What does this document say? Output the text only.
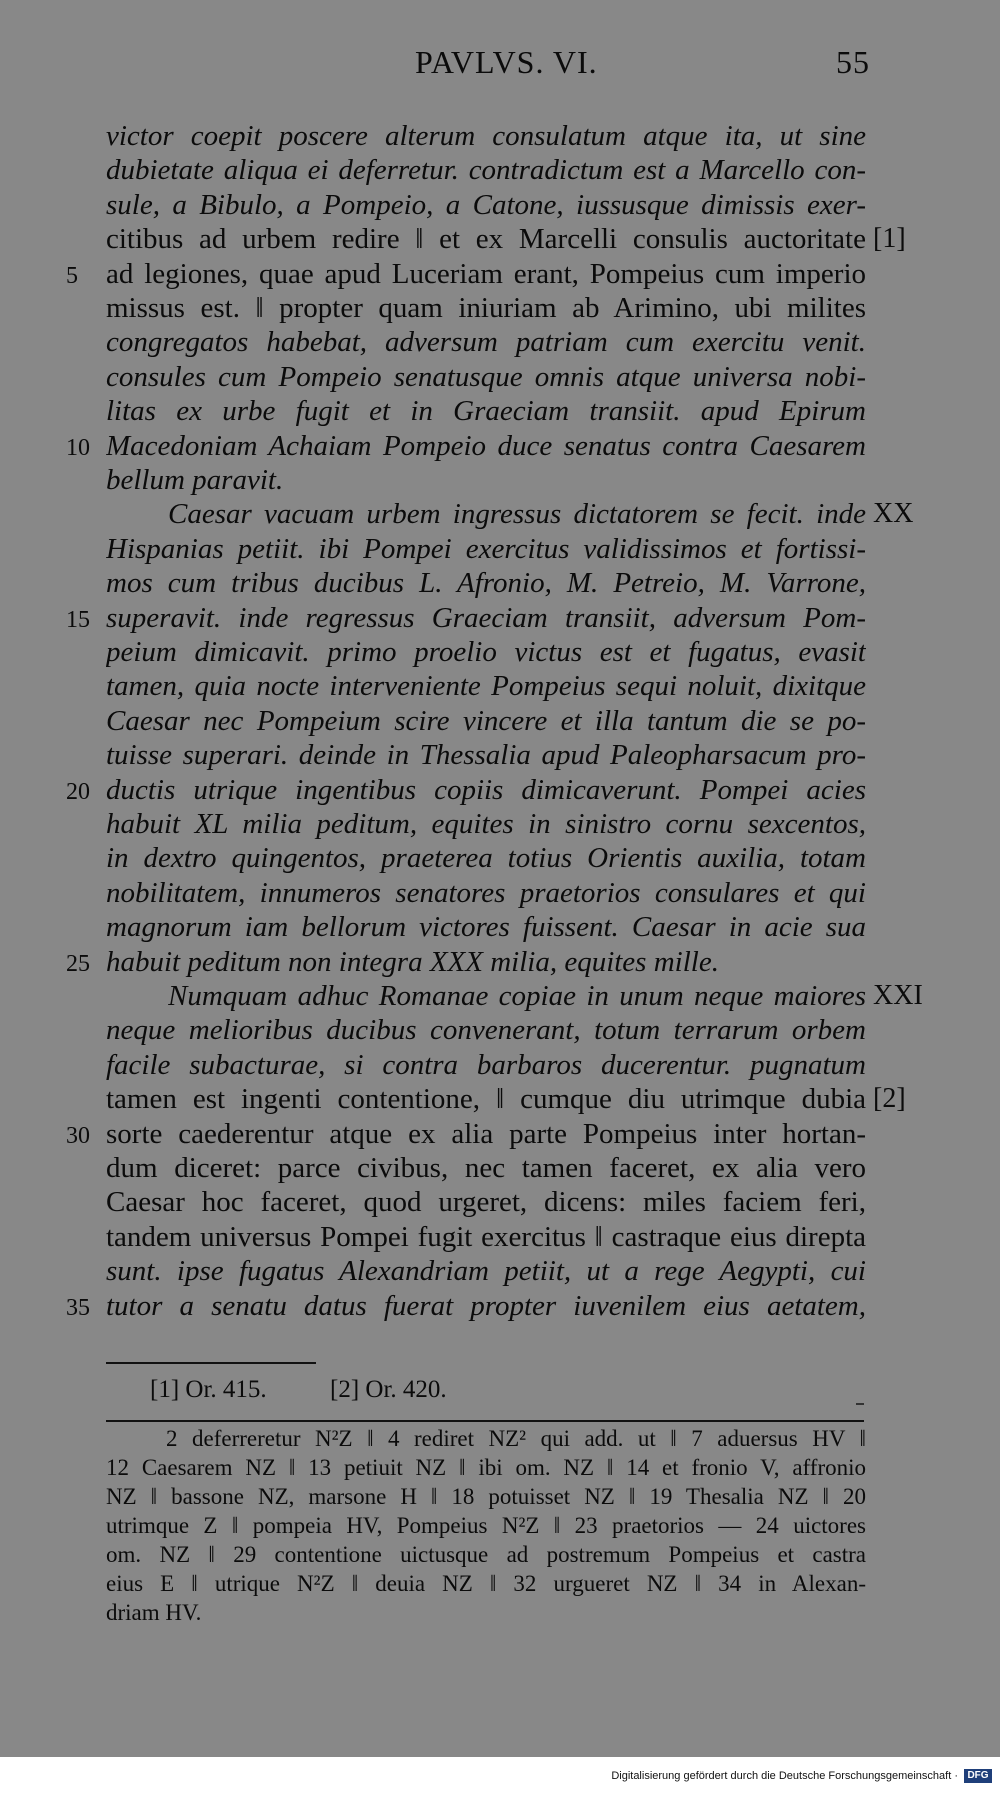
PAVLVS. VI.	55
victor coepit poscere alterum consulatum atque ita, ut sine
dubietate aliqua ei deferretur. contradictum est a Marcello con-
sule, a Bibulo, a Pompeio, a Catone, iussusque dimissis exer-
citibus ad urbem redire ‖ et ex Marcelli consulis auctoritate [1]
5 ad legiones, quae apud Luceriam erant, Pompeius cum imperio
missus est. ‖ propter quam iniuriam ab Arimino, ubi milites
congregatos habebat, adversum patriam cum exercitu venit.
consules cum Pompeio senatusque omnis atque universa nobi-
litas ex urbe fugit et in Graeciam transiit. apud Epirum
10 Macedoniam Achaiam Pompeio duce senatus contra Caesarem
bellum paravit.
Caesar vacuam urbem ingressus dictatorem se fecit. inde XX
Hispanias petiit. ibi Pompei exercitus validissimos et fortissi-
mos cum tribus ducibus L. Afronio, M. Petreio, M. Varrone,
15 superavit. inde regressus Graeciam transiit, adversum Pom-
peium dimicavit. primo proelio victus est et fugatus, evasit
tamen, quia nocte interveniente Pompeius sequi noluit, dixitque
Caesar nec Pompeium scire vincere et illa tantum die se po-
tuisse superari. deinde in Thessalia apud Paleopharsacum pro-
20 ductis utrique ingentibus copiis dimicaverunt. Pompei acies
habuit XL milia peditum, equites in sinistro cornu sexcentos,
in dextro quingentos, praeterea totius Orientis auxilia, totam
nobilitatem, innumeros senatores praetorios consulares et qui
magnorum iam bellorum victores fuissent. Caesar in acie sua
25 habuit peditum non integra XXX milia, equites mille.
Numquam adhuc Romanae copiae in unum neque maiores XXI
neque melioribus ducibus convenerant, totum terrarum orbem
facile subacturae, si contra barbaros ducerentur. pugnatum
tamen est ingenti contentione, ‖ cumque diu utrimque dubia [2]
30 sorte caederentur atque ex alia parte Pompeius inter hortan-
dum diceret: parce civibus, nec tamen faceret, ex alia vero
Caesar hoc faceret, quod urgeret, dicens: miles faciem feri,
tandem universus Pompei fugit exercitus ‖ castraque eius direpta
sunt. ipse fugatus Alexandriam petiit, ut a rege Aegypti, cui
35 tutor a senatu datus fuerat propter iuvenilem eius aetatem,
[1] Or. 415.	[2] Or. 420.
2 deferreretur N²Z ‖ 4 rediret NZ² qui add. ut ‖ 7 aduersus HV ‖
12 Caesarem NZ ‖ 13 petiuit NZ ‖ ibi om. NZ ‖ 14 et fronio V, affronio
NZ ‖ bassone NZ, marsone H ‖ 18 potuisset NZ ‖ 19 Thesalia NZ ‖ 20
utrimque Z ‖ pompeia HV, Pompeius N²Z ‖ 23 praetorios — 24 uictores
om. NZ ‖ 29 contentione uictusque ad postremum Pompeius et castra
eius E ‖ utrique N²Z ‖ deuia NZ ‖ 32 urgueret NZ ‖ 34 in Alexan-
driam HV.
Digitalisierung gefördert durch die Deutsche Forschungsgemeinschaft · DFG
